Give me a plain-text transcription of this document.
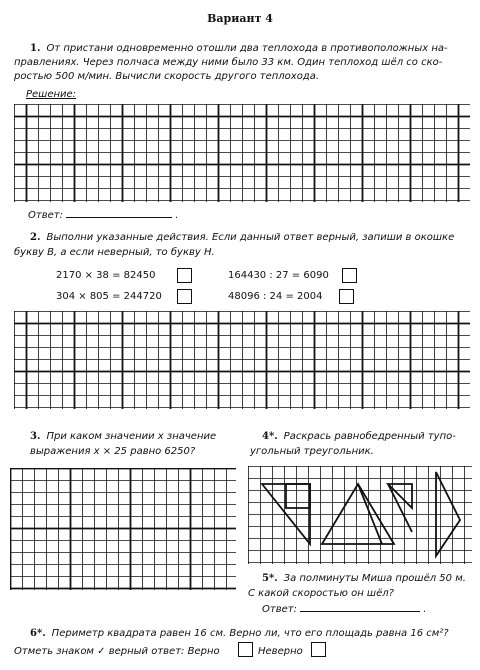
Вариант 4
1. От пристани одновременно отошли два теплохода в противоположных на-
правлениях. Через полчаса между ними было 33 км. Один теплоход шёл со ско-
ростью 500 м/мин. Вычисли скорость другого теплохода.
Решение:
Ответ:	.
2. Выполни указанные действия. Если данный ответ верный, запиши в окошке
букву В, а если неверный, то букву Н.
2170 × 38 = 82450	164430 : 27 = 6090
304 × 805 = 244720	48096 : 24 = 2004
3. При каком значении x значение
выражения x × 25 равно 6250?
4*. Раскрась равнобедренный тупо-
угольный треугольник.
5*. За полминуты Миша прошёл 50 м.
С какой скоростью он шёл?
Ответ:	.
6*. Периметр квадрата равен 16 см. Верно ли, что его площадь равна 16 см²?
Отметь знаком ✓ верный ответ: Верно	Неверно
